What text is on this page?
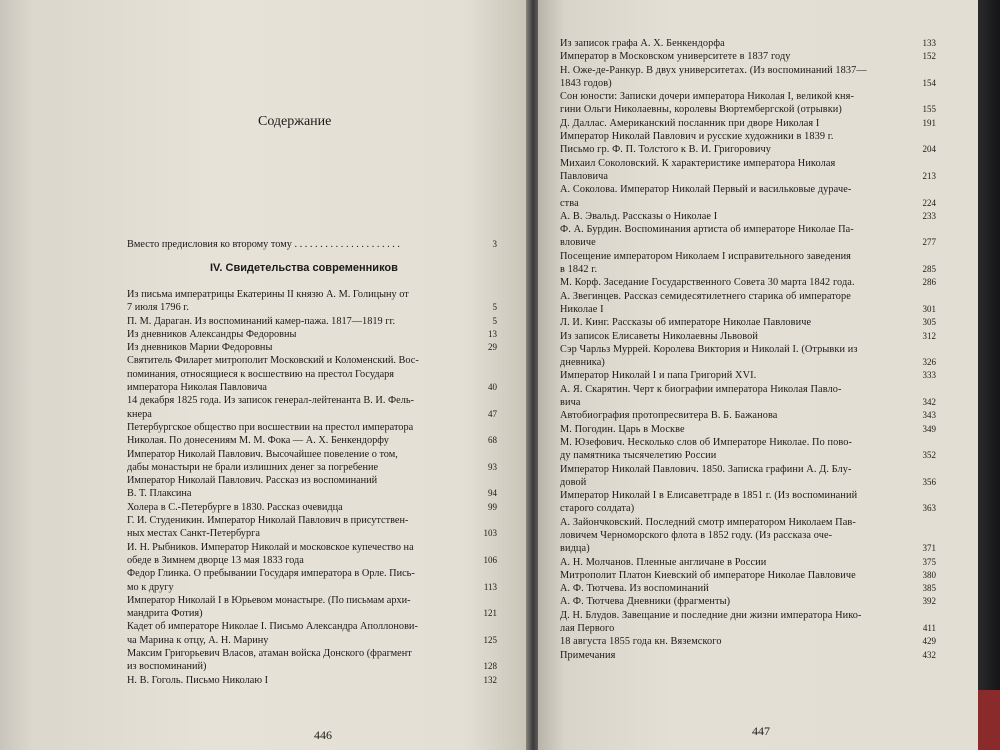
Содержание
Вместо предисловия ко второму тому . . . . . . . . . . . . . . . . . . . . .	3
IV. Свидетельства современников
Из письма императрицы Екатерины II князю А. М. Голицыну от
7 июля 1796 г.	5
П. М. Дараган. Из воспоминаний камер-пажа. 1817—1819 гг.	5
Из дневников Александры Федоровны	13
Из дневников Марии Федоровны	29
Святитель Филарет митрополит Московский и Коломенский. Вос-
поминания, относящиеся к восшествию на престол Государя
императора Николая Павловича	40
14 декабря 1825 года. Из записок генерал-лейтенанта В. И. Фель-
кнера	47
Петербургское общество при восшествии на престол императора
Николая. По донесениям М. М. Фока — А. Х. Бенкендорфу	68
Император Николай Павлович. Высочайшее повеление о том,
дабы монастыри не брали излишних денег за погребение	93
Император Николай Павлович. Рассказ из воспоминаний
В. Т. Плаксина	94
Холера в С.-Петербурге в 1830. Рассказ очевидца	99
Г. И. Студеникин. Император Николай Павлович в присутствен-
ных местах Санкт-Петербурга	103
И. Н. Рыбников. Император Николай и московское купечество на
обеде в Зимнем дворце 13 мая 1833 года	106
Федор Глинка. О пребывании Государя императора в Орле. Пись-
мо к другу	113
Император Николай I в Юрьевом монастыре. (По письмам архи-
мандрита Фотия)	121
Кадет об императоре Николае I. Письмо Александра Аполлонови-
ча Марина к отцу, А. Н. Марину	125
Максим Григорьевич Власов, атаман войска Донского (фрагмент
из воспоминаний)	128
Н. В. Гоголь. Письмо Николаю I	132
446	447
Из записок графа А. Х. Бенкендорфа	133
Император в Московском университете в 1837 году	152
Н. Оже-де-Ранкур. В двух университетах. (Из воспоминаний 1837—
1843 годов)	154
Сон юности: Записки дочери императора Николая I, великой кня-
гини Ольги Николаевны, королевы Вюртембергской (отрывки)	155
Д. Даллас. Американский посланник при дворе Николая I	191
Император Николай Павлович и русские художники в 1839 г.
Письмо гр. Ф. П. Толстого к В. И. Григоровичу	204
Михаил Соколовский. К характеристике императора Николая
Павловича	213
А. Соколова. Император Николай Первый и васильковые дураче-
ства	224
А. В. Эвальд. Рассказы о Николае I	233
Ф. А. Бурдин. Воспоминания артиста об императоре Николае Па-
вловиче	277
Посещение императором Николаем I исправительного заведения
в 1842 г.	285
М. Корф. Заседание Государственного Совета 30 марта 1842 года.	286
А. Звегинцев. Рассказ семидесятилетнего старика об императоре
Николае I	301
Л. И. Кинг. Рассказы об императоре Николае Павловиче	305
Из записок Елисаветы Николаевны Львовой	312
Сэр Чарльз Муррей. Королева Виктория и Николай I. (Отрывки из
дневника)	326
Император Николай I и папа Григорий XVI.	333
А. Я. Скарятин. Черт к биографии императора Николая Павло-
вича	342
Автобиография протопресвитера В. Б. Бажанова	343
М. Погодин. Царь в Москве	349
М. Юзефович. Несколько слов об Императоре Николае. По пово-
ду памятника тысячелетию России	352
Император Николай Павлович. 1850. Записка графини А. Д. Блу-
довой	356
Император Николай I в Елисаветграде в 1851 г. (Из воспоминаний
старого солдата)	363
А. Зайончковский. Последний смотр императором Николаем Пав-
ловичем Черноморского флота в 1852 году. (Из рассказа оче-
видца)	371
А. Н. Молчанов. Пленные англичане в России	375
Митрополит Платон Киевский об императоре Николае Павловиче	380
А. Ф. Тютчева. Из воспоминаний	385
А. Ф. Тютчева Дневники (фрагменты)	392
Д. Н. Блудов. Завещание и последние дни жизни императора Нико-
лая Первого	411
18 августа 1855 года кн. Вяземского	429
Примечания	432
